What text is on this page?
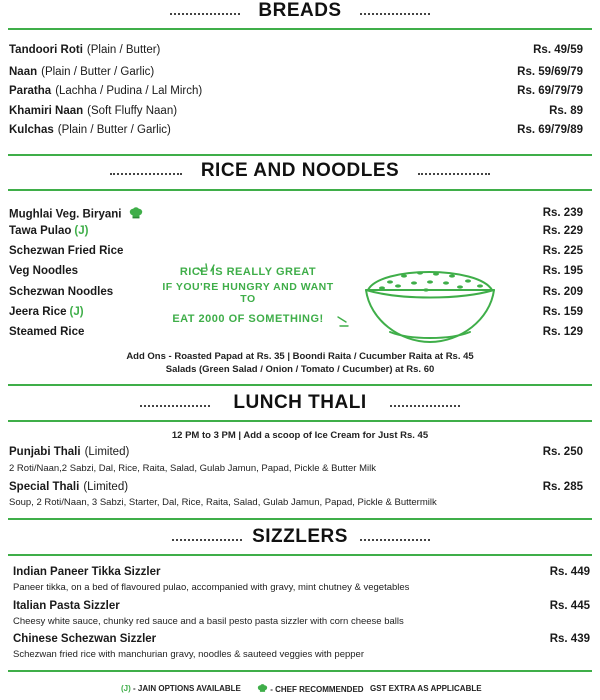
BREADS
Tandoori Roti (Plain / Butter)	Rs. 49/59
Naan (Plain / Butter / Garlic)	Rs. 59/69/79
Paratha (Lachha / Pudina / Lal Mirch)	Rs. 69/79/79
Khamiri Naan (Soft Fluffy Naan)	Rs. 89
Kulchas (Plain / Butter / Garlic)	Rs. 69/79/89
RICE AND NOODLES
Mughlai Veg. Biryani	Rs. 239
Tawa Pulao (J)	Rs. 229
Schezwan Fried Rice	Rs. 225
Veg Noodles	Rs. 195
Schezwan Noodles	Rs. 209
Jeera Rice (J)	Rs. 159
Steamed Rice	Rs. 129
RICE IS REALLY GREAT
IF YOU'RE HUNGRY AND WANT TO
EAT 2000 OF SOMETHING!
Add Ons - Roasted Papad at Rs. 35 | Boondi Raita / Cucumber Raita at Rs. 45
Salads (Green Salad / Onion / Tomato / Cucumber) at Rs. 60
LUNCH THALI
12 PM to 3 PM | Add a scoop of Ice Cream for Just Rs. 45
Punjabi Thali (Limited)	Rs. 250
2 Roti/Naan,2 Sabzi, Dal, Rice, Raita, Salad, Gulab Jamun, Papad, Pickle & Butter Milk
Special Thali (Limited)	Rs. 285
Soup, 2 Roti/Naan, 3 Sabzi, Starter, Dal, Rice, Raita, Salad, Gulab Jamun, Papad, Pickle & Buttermilk
SIZZLERS
Indian Paneer Tikka Sizzler	Rs. 449
Paneer tikka, on a bed of flavoured pulao, accompanied with gravy, mint chutney & vegetables
Italian Pasta Sizzler	Rs. 445
Cheesy white sauce, chunky red sauce and a basil pesto pasta sizzler with corn cheese balls
Chinese Schezwan Sizzler	Rs. 439
Schezwan fried rice with manchurian gravy, noodles & sauteed veggies with pepper
(J) - JAIN OPTIONS AVAILABLE	- CHEF RECOMMENDED GST EXTRA AS APPLICABLE
